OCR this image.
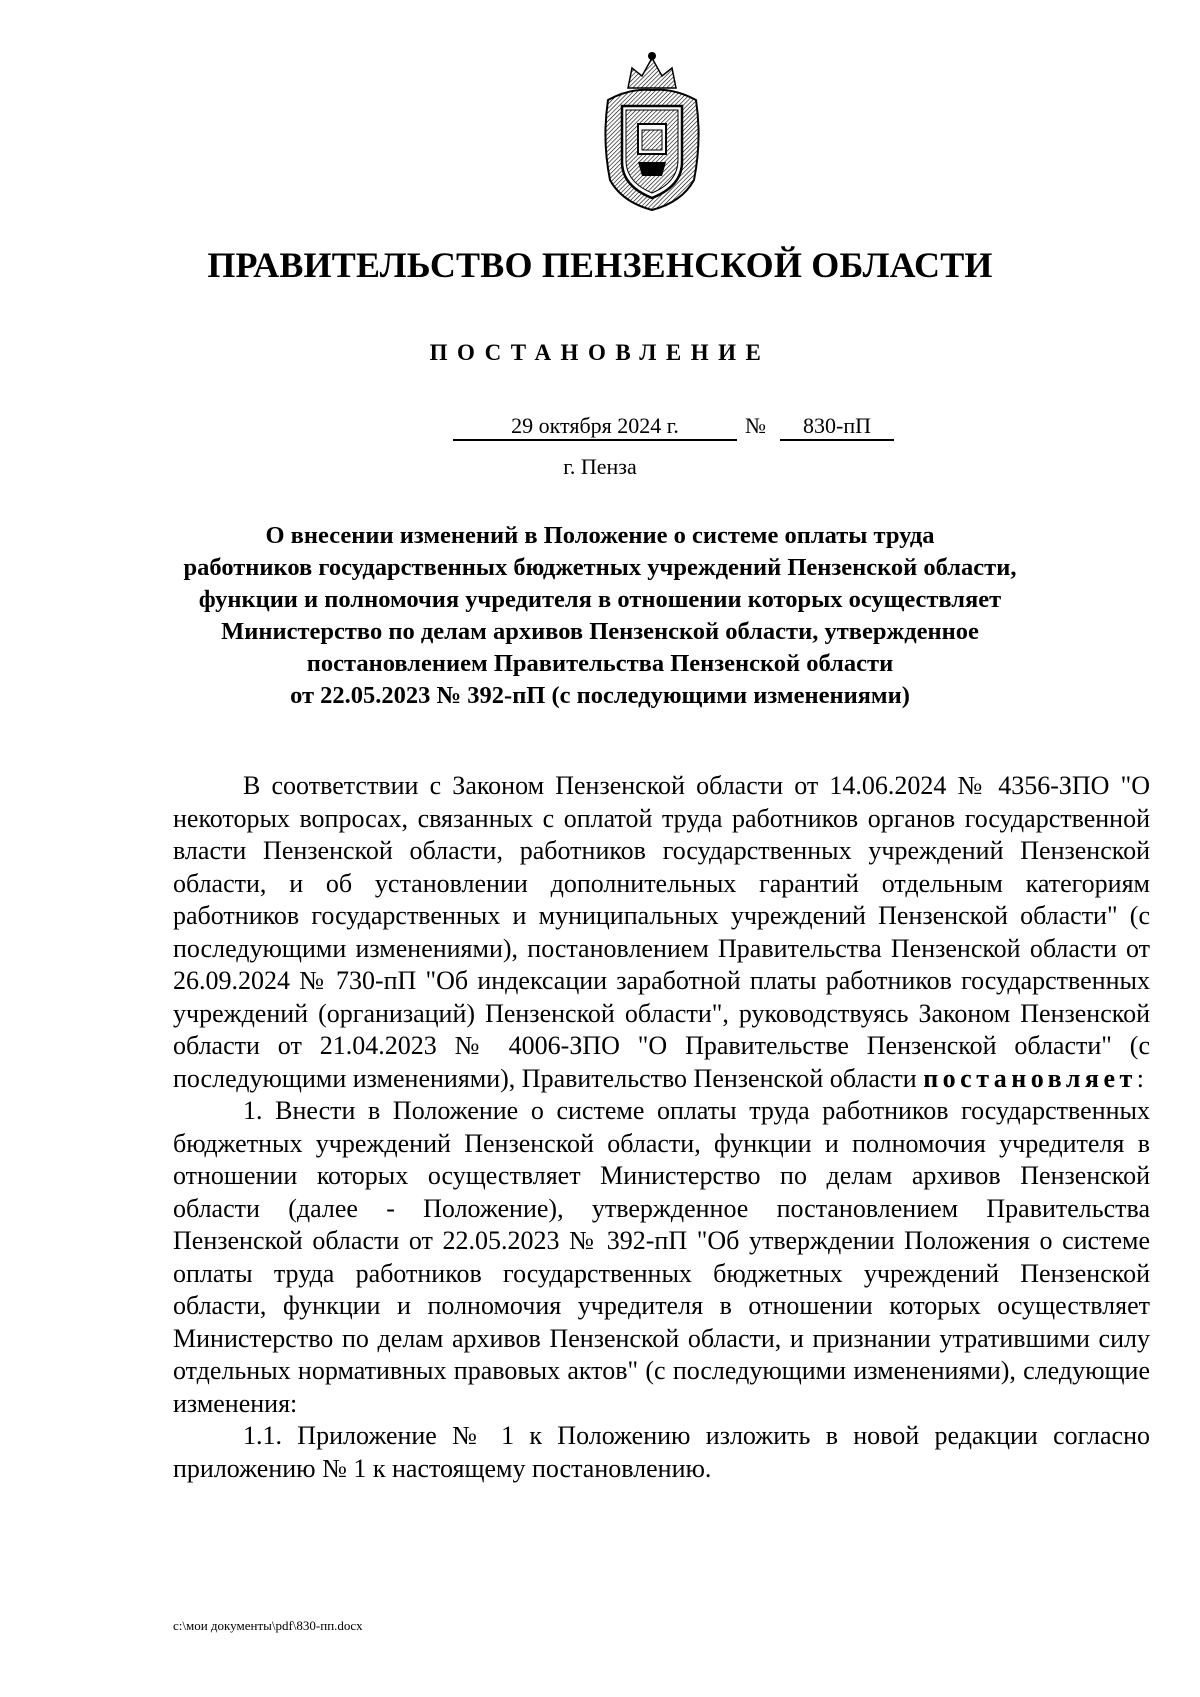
ПРАВИТЕЛЬСТВО ПЕНЗЕНСКОЙ ОБЛАСТИ
ПОСТАНОВЛЕНИЕ
29 октября 2024 г.	№	830-пП
г. Пенза
О внесении изменений в Положение о системе оплаты труда
работников государственных бюджетных учреждений Пензенской области,
функции и полномочия учредителя в отношении которых осуществляет
Министерство по делам архивов Пензенской области, утвержденное
постановлением Правительства Пензенской области
от 22.05.2023 № 392-пП (с последующими изменениями)

В соответствии с Законом Пензенской области от 14.06.2024 № 4356-ЗПО "О некоторых вопросах, связанных с оплатой труда работников органов государственной власти Пензенской области, работников государственных учреждений Пензенской области, и об установлении дополнительных гарантий отдельным категориям работников государственных и муниципальных учреждений Пензенской области" (с последующими изменениями), постановлением Правительства Пензенской области от 26.09.2024 № 730-пП "Об индексации заработной платы работников государственных учреждений (организаций) Пензенской области", руководствуясь Законом Пензенской области от 21.04.2023 № 4006-ЗПО "О Правительстве Пензенской области" (с последующими изменениями), Правительство Пензенской области постановляет:

1. Внести в Положение о системе оплаты труда работников государственных бюджетных учреждений Пензенской области, функции и полномочия учредителя в отношении которых осуществляет Министерство по делам архивов Пензенской области (далее - Положение), утвержденное постановлением Правительства Пензенской области от 22.05.2023 № 392-пП "Об утверждении Положения о системе оплаты труда работников государственных бюджетных учреждений Пензенской области, функции и полномочия учредителя в отношении которых осуществляет Министерство по делам архивов Пензенской области, и признании утратившими силу отдельных нормативных правовых актов" (с последующими изменениями), следующие изменения:

1.1. Приложение № 1 к Положению изложить в новой редакции согласно приложению № 1 к настоящему постановлению.

c:\мои документы\pdf\830-пп.docx
